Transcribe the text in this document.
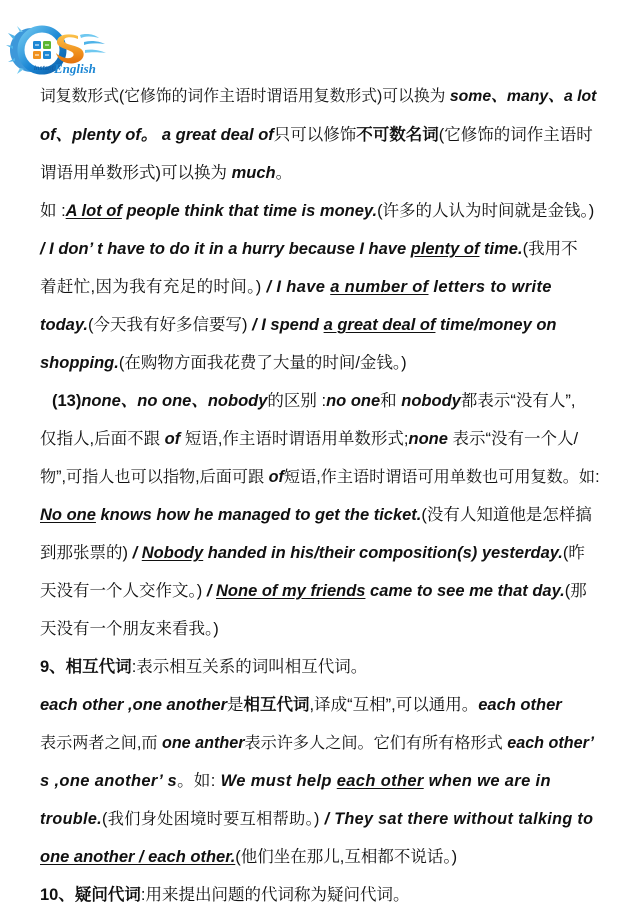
Instant English
词复数形式(它修饰的词作主语时谓语用复数形式)可以换为 some、many、a lot
of、plenty of。 a great deal of只可以修饰不可数名词(它修饰的词作主语时
谓语用单数形式)可以换为 much。
如 :A lot of people think that time is money.(许多的人认为时间就是金钱。)
/ I don’ t have to do it in a hurry because I have plenty of time.(我用不
着赶忙,因为我有充足的时间。) / I have a number of letters to write
today.(今天我有好多信要写) / I spend a great deal of time/money on
shopping.(在购物方面我花费了大量的时间/金钱。)
(13)none、no one、nobody的区别 :no one和 nobody都表示“没有人”,
仅指人,后面不跟 of 短语,作主语时谓语用单数形式;none 表示“没有一个人/
物”,可指人也可以指物,后面可跟 of短语,作主语时谓语可用单数也可用复数。如:
No one knows how he managed to get the ticket.(没有人知道他是怎样搞
到那张票的) / Nobody handed in his/their composition(s) yesterday.(昨
天没有一个人交作文。) / None of my friends came to see me that day.(那
天没有一个朋友来看我。)
9、相互代词:表示相互关系的词叫相互代词。
each other ,one another是相互代词,译成“互相”,可以通用。each other
表示两者之间,而 one anther表示许多人之间。它们有所有格形式 each other’
s ,one another’ s。如: We must help each other when we are in
trouble.(我们身处困境时要互相帮助。) / They sat there without talking to
one another / each other.(他们坐在那儿,互相都不说话。)
10、疑问代词:用来提出问题的代词称为疑问代词。
